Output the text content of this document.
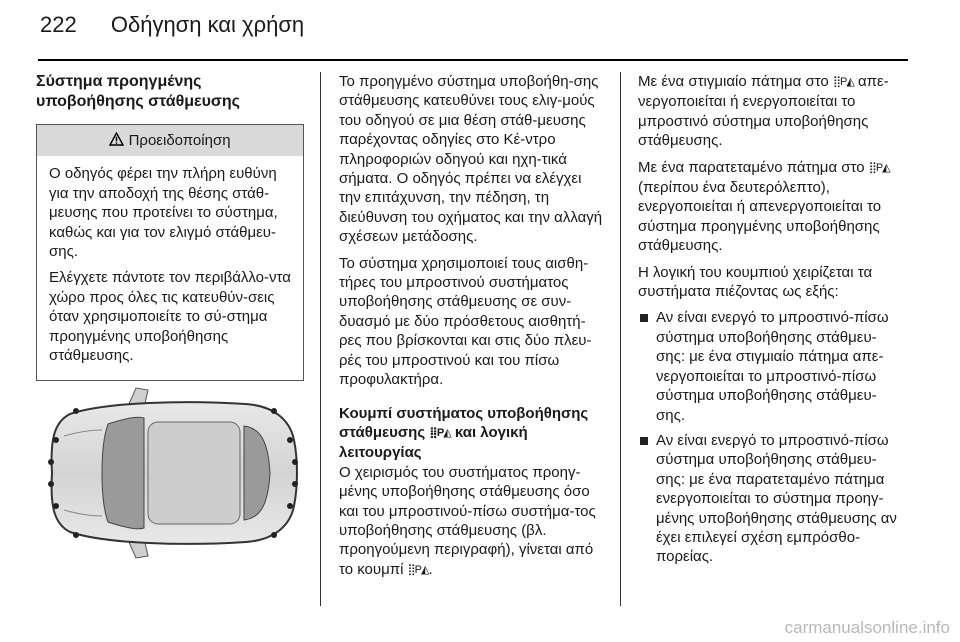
222 Οδήγηση και χρήση
Σύστημα προηγμένης
υποβοήθησης στάθμευσης
Προειδοποίηση

Ο οδηγός φέρει την πλήρη ευθύνη για την αποδοχή της θέσης στάθ-μευσης που προτείνει το σύστημα, καθώς και για τον ελιγμό στάθμευ-σης.

Ελέγχετε πάντοτε τον περιβάλλο-ντα χώρο προς όλες τις κατευθύν-σεις όταν χρησιμοποιείτε το σύ-στημα προηγμένης υποβοήθησης στάθμευσης.

Το προηγμένο σύστημα υποβοήθη-σης στάθμευσης κατευθύνει τους ελιγ-μούς του οδηγού σε μια θέση στάθ-μευσης παρέχοντας οδηγίες στο Κέ-ντρο πληροφοριών οδηγού και ηχη-τικά σήματα. Ο οδηγός πρέπει να ελέγχει την επιτάχυνση, την πέδηση, τη διεύθυνση του οχήματος και την αλλαγή σχέσεων μετάδοσης.

Το σύστημα χρησιμοποιεί τους αισθη-τήρες του μπροστινού συστήματος υποβοήθησης στάθμευσης σε συν-δυασμό με δύο πρόσθετους αισθητή-ρες που βρίσκονται και στις δύο πλευ-ρές του μπροστινού και του πίσω προφυλακτήρα.

Κουμπί συστήματος υποβοήθησης στάθμευσης ⣿P◭ και λογική λειτουργίας

Ο χειρισμός του συστήματος προηγ-μένης υποβοήθησης στάθμευσης όσο και του μπροστινού-πίσω συστήμα-τος υποβοήθησης στάθμευσης (βλ. προηγούμενη περιγραφή), γίνεται από το κουμπί ⣿P◭.

Με ένα στιγμιαίο πάτημα στο ⣿P◭ απε-νεργοποιείται ή ενεργοποιείται το μπροστινό σύστημα υποβοήθησης στάθμευσης.

Με ένα παρατεταμένο πάτημα στο ⣿P◭ (περίπου ένα δευτερόλεπτο), ενεργοποιείται ή απενεργοποιείται το σύστημα προηγμένης υποβοήθησης στάθμευσης.

Η λογική του κουμπιού χειρίζεται τα συστήματα πιέζοντας ως εξής:

Αν είναι ενεργό το μπροστινό-πίσω σύστημα υποβοήθησης στάθμευ-σης: με ένα στιγμιαίο πάτημα απε-νεργοποιείται το μπροστινό-πίσω σύστημα υποβοήθησης στάθμευ-σης.
Αν είναι ενεργό το μπροστινό-πίσω σύστημα υποβοήθησης στάθμευ-σης: με ένα παρατεταμένο πάτημα ενεργοποιείται το σύστημα προηγ-μένης υποβοήθησης στάθμευσης αν έχει επιλεγεί σχέση εμπρόσθο-πορείας.
carmanualsonline.info
